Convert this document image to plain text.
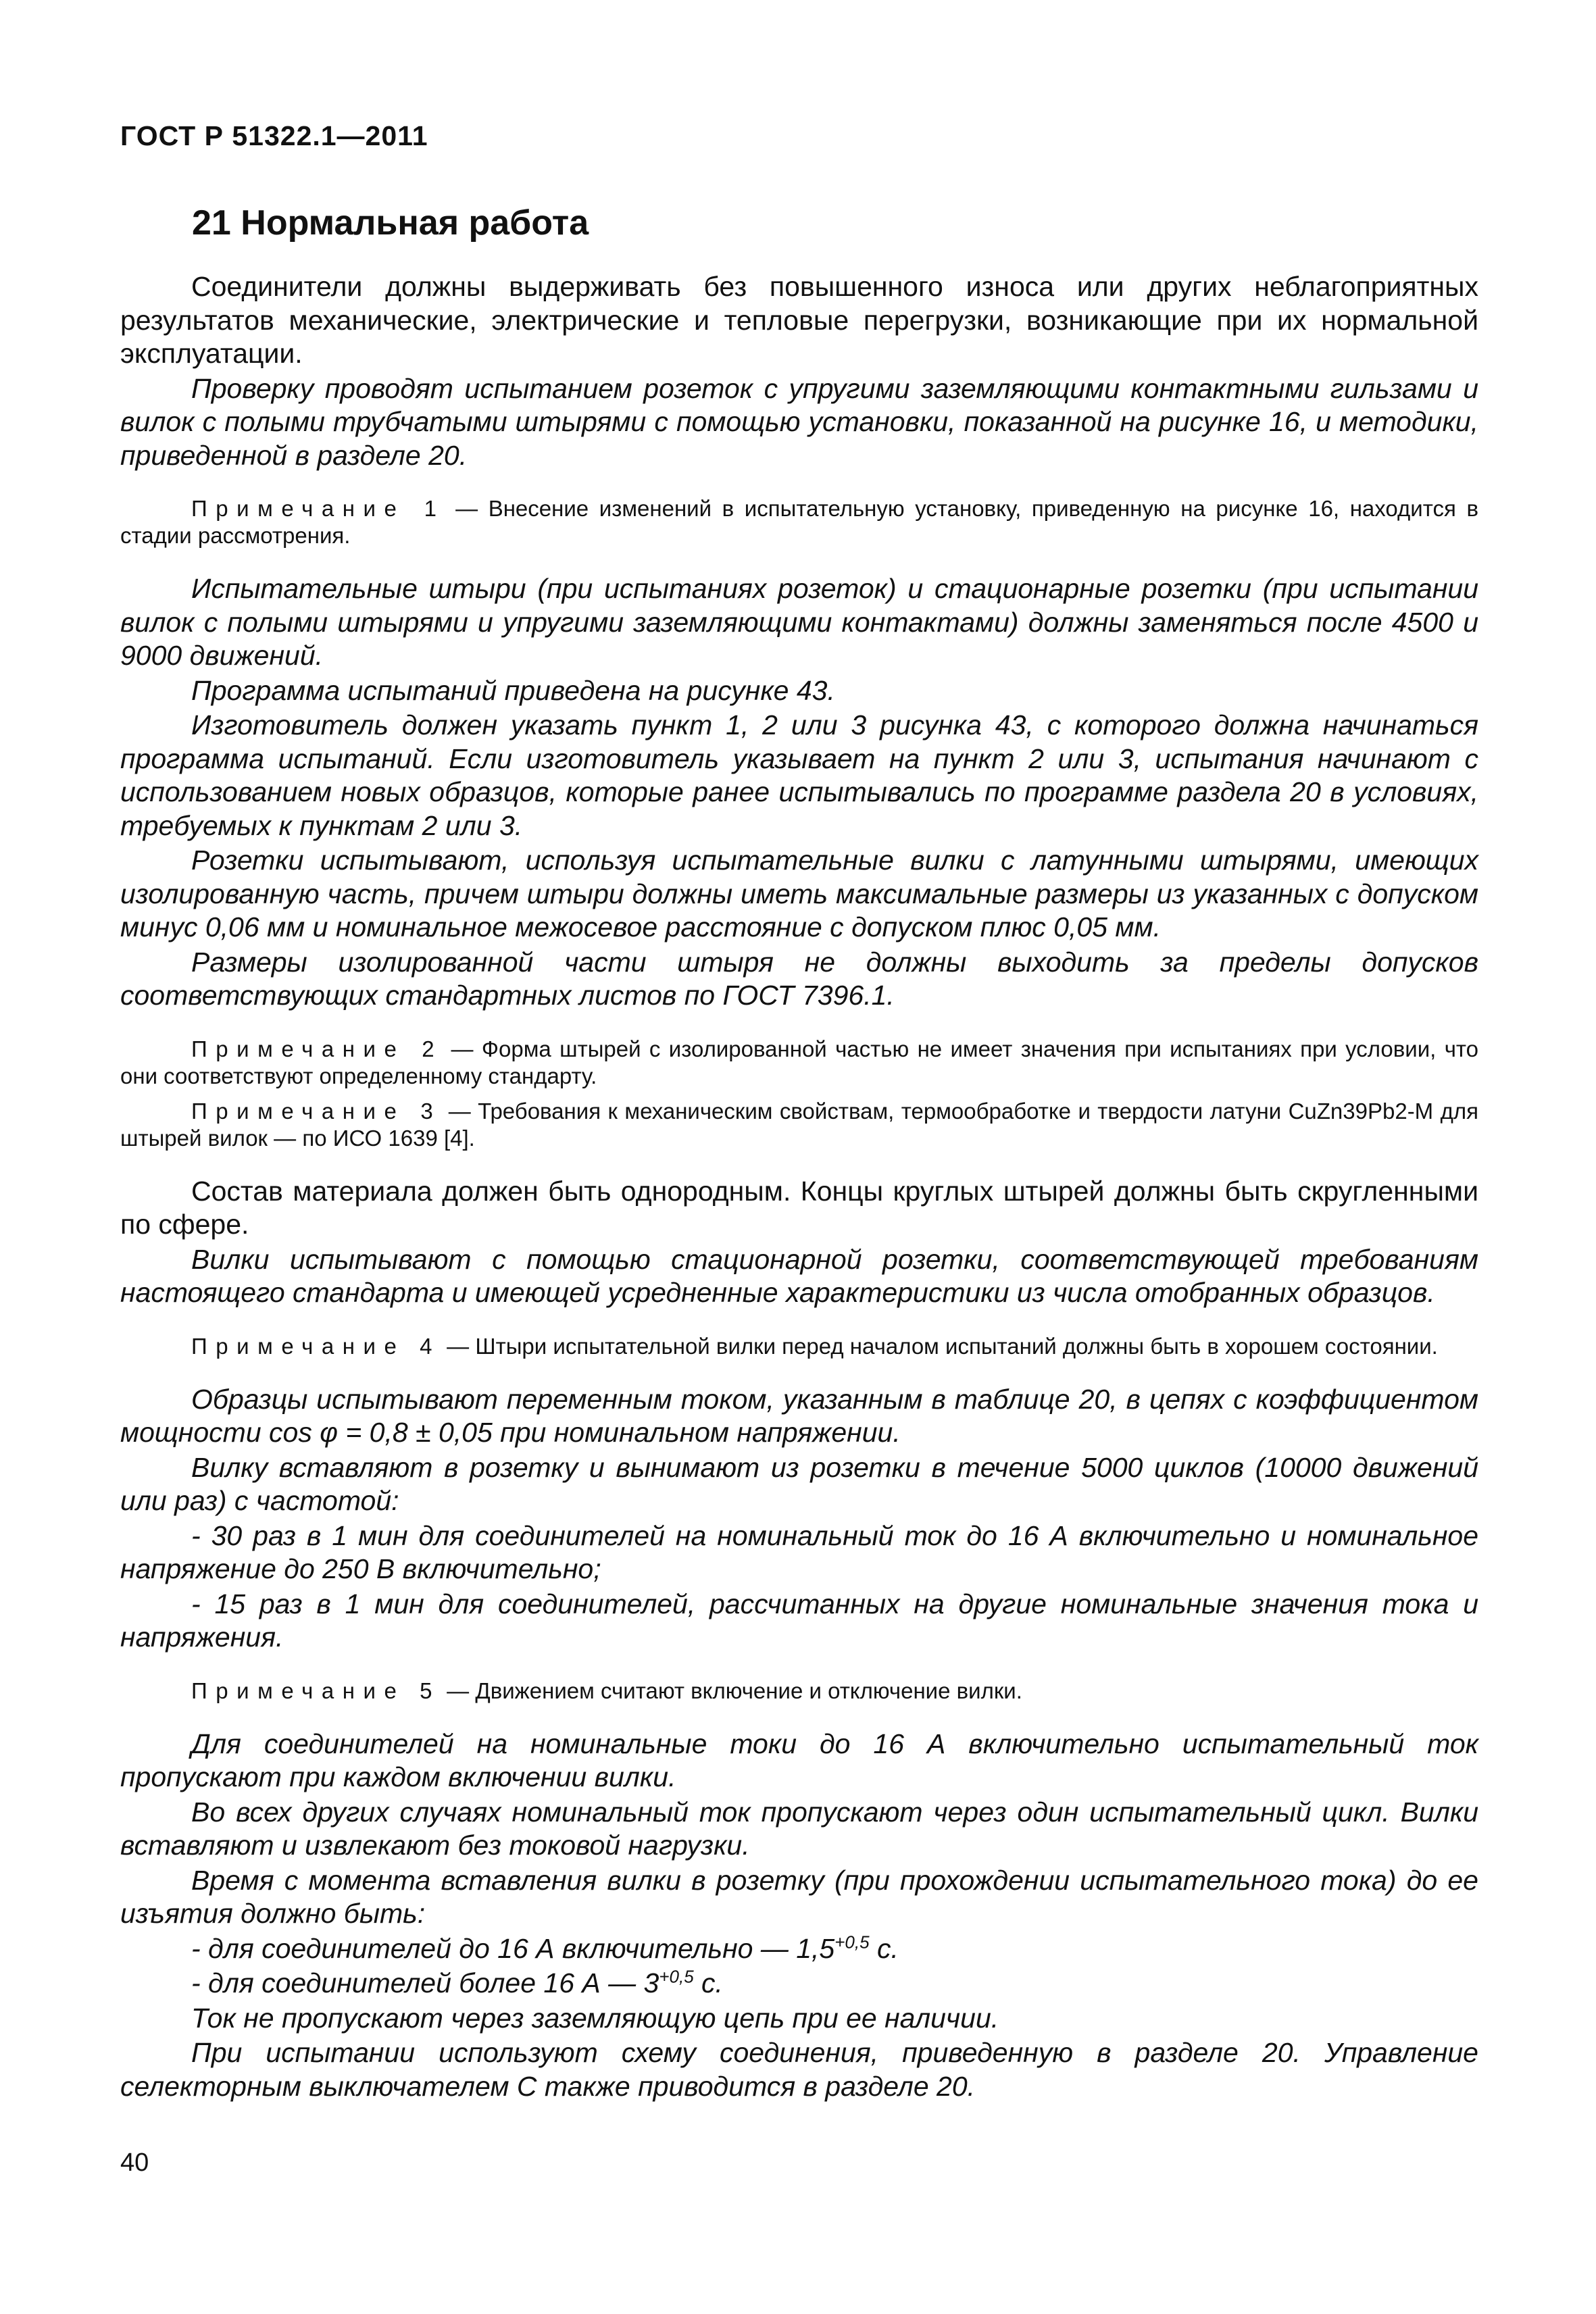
ГОСТ Р 51322.1—2011
21 Нормальная работа

Соединители должны выдерживать без повышенного износа или других неблагоприятных результатов механические, электрические и тепловые перегрузки, возникающие при их нормальной эксплуатации.

Проверку проводят испытанием розеток с упругими заземляющими контактными гильзами и вилок с полыми трубчатыми штырями с помощью установки, показанной на рисунке 16, и методики, приведенной в разделе 20.

Примечание 1 — Внесение изменений в испытательную установку, приведенную на рисунке 16, находится в стадии рассмотрения.

Испытательные штыри (при испытаниях розеток) и стационарные розетки (при испытании вилок с полыми штырями и упругими заземляющими контактами) должны заменяться после 4500 и 9000 движений.

Программа испытаний приведена на рисунке 43.

Изготовитель должен указать пункт 1, 2 или 3 рисунка 43, с которого должна начинаться программа испытаний. Если изготовитель указывает на пункт 2 или 3, испытания начинают с использованием новых образцов, которые ранее испытывались по программе раздела 20 в условиях, требуемых к пунктам 2 или 3.

Розетки испытывают, используя испытательные вилки с латунными штырями, имеющих изолированную часть, причем штыри должны иметь максимальные размеры из указанных с допуском минус 0,06 мм и номинальное межосевое расстояние с допуском плюс 0,05 мм.

Размеры изолированной части штыря не должны выходить за пределы допусков соответствующих стандартных листов по ГОСТ 7396.1.

Примечание 2 — Форма штырей с изолированной частью не имеет значения при испытаниях при условии, что они соответствуют определенному стандарту.

Примечание 3 — Требования к механическим свойствам, термообработке и твердости латуни CuZn39Pb2-M для штырей вилок — по ИСО 1639 [4].

Состав материала должен быть однородным. Концы круглых штырей должны быть скругленными по сфере.

Вилки испытывают с помощью стационарной розетки, соответствующей требованиям настоящего стандарта и имеющей усредненные характеристики из числа отобранных образцов.

Примечание 4 — Штыри испытательной вилки перед началом испытаний должны быть в хорошем состоянии.

Образцы испытывают переменным током, указанным в таблице 20, в цепях с коэффициентом мощности cos φ = 0,8 ± 0,05 при номинальном напряжении.

Вилку вставляют в розетку и вынимают из розетки в течение 5000 циклов (10000 движений или раз) с частотой:

- 30 раз в 1 мин для соединителей на номинальный ток до 16 А включительно и номинальное напряжение до 250 В включительно;

- 15 раз в 1 мин для соединителей, рассчитанных на другие номинальные значения тока и напряжения.

Примечание 5 — Движением считают включение и отключение вилки.

Для соединителей на номинальные токи до 16 А включительно испытательный ток пропускают при каждом включении вилки.

Во всех других случаях номинальный ток пропускают через один испытательный цикл. Вилки вставляют и извлекают без токовой нагрузки.

Время с момента вставления вилки в розетку (при прохождении испытательного тока) до ее изъятия должно быть:

- для соединителей до 16 А включительно — $1,5^{+0,5}$ с.

- для соединителей более 16 А — $3^{+0,5}$ с.

Ток не пропускают через заземляющую цепь при ее наличии.

При испытании используют схему соединения, приведенную в разделе 20. Управление селекторным выключателем С также приводится в разделе 20.

40
